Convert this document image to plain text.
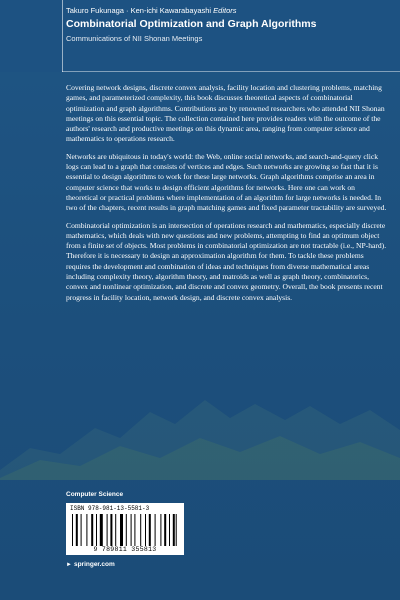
Takuro Fukunaga · Ken-ichi Kawarabayashi Editors
Combinatorial Optimization and Graph Algorithms
Communications of NII Shonan Meetings

Covering network designs, discrete convex analysis, facility location and clustering problems, matching games, and parameterized complexity, this book discusses theoretical aspects of combinatorial optimization and graph algorithms. Contributions are by renowned researchers who attended NII Shonan meetings on this essential topic. The collection contained here provides readers with the outcome of the authors' research and productive meetings on this dynamic area, ranging from computer science and mathematics to operations research.

Networks are ubiquitous in today's world: the Web, online social networks, and search-and-query click logs can lead to a graph that consists of vertices and edges. Such networks are growing so fast that it is essential to design algorithms to work for these large networks. Graph algorithms comprise an area in computer science that works to design efficient algorithms for networks. Here one can work on theoretical or practical problems where implementation of an algorithm for large networks is needed. In two of the chapters, recent results in graph matching games and fixed parameter tractability are surveyed.

Combinatorial optimization is an intersection of operations research and mathematics, especially discrete mathematics, which deals with new questions and new problems, attempting to find an optimum object from a finite set of objects. Most problems in combinatorial optimization are not tractable (i.e., NP-hard). Therefore it is necessary to design an approximation algorithm for them. To tackle these problems requires the development and combination of ideas and techniques from diverse mathematical areas including complexity theory, algorithm theory, and matroids as well as graph theory, combinatorics, convex and nonlinear optimization, and discrete and convex geometry. Overall, the book presents recent progress in facility location, network design, and discrete convex analysis.

Computer Science
ISBN 978-981-13-5581-3
9 789811 355813
► springer.com
